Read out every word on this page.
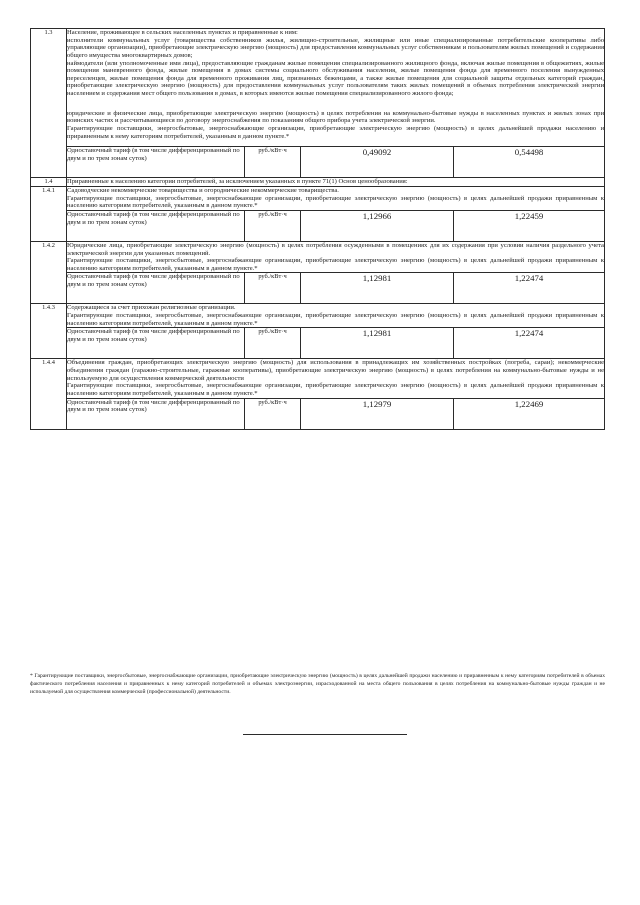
1.3	Население, проживающее в сельских населенных пунктах и приравненные к ним:

исполнители коммунальных услуг (товарищества собственников жилья, жилищно-строительные, жилищные или иные специализированные потребительские кооперативы либо управляющие организации), приобретающие электрическую энергию (мощность) для предоставления коммунальных услуг собственникам и пользователям жилых помещений и содержания общего имущества многоквартирных домов;

наймодатели (или уполномоченные ими лица), предоставляющие гражданам жилые помещения специализированного жилищного фонда, включая жилые помещения в общежитиях, жилые помещения маневренного фонда, жилые помещения в домах системы социального обслуживания населения, жилые помещения фонда для временного поселения вынужденных переселенцев, жилые помещения фонда для временного проживания лиц, признанных беженцами, а также жилые помещения для социальной защиты отдельных категорий граждан, приобретающие электрическую энергию (мощность) для предоставления коммунальных услуг пользователям таких жилых помещений в объемах потребления электрической энергии населением и содержания мест общего пользования в домах, в которых имеются жилые помещения специализированного жилого фонда;

юридические и физические лица, приобретающие электрическую энергию (мощность) в целях потребления на коммунально-бытовые нужды в населенных пунктах и жилых зонах при воинских частях и рассчитывающиеся по договору энергоснабжения по показаниям общего прибора учета электрической энергии.

Гарантирующие поставщики, энергосбытовые, энергоснабжающие организации, приобретающие электрическую энергию (мощность) в целях дальнейшей продажи населению и приравненным к нему категориям потребителей, указанным в данном пункте.*			

	Одноставочный тариф (в том числе дифференцированный по двум и по трем зонам суток)	руб./кВт·ч	0,49092	0,54498
1.4	Приравненные к населению категории потребителей, за исключением указанных в пункте 71(1) Основ ценообразования:			
1.4.1	Садоводческие некоммерческие товарищества и огороднические некоммерческие товарищества.

Гарантирующие поставщики, энергосбытовые, энергоснабжающие организации, приобретающие электрическую энергию (мощность) в целях дальнейшей продажи приравненным к населению категориям потребителей, указанным в данном пункте.*			

	Одноставочный тариф (в том числе дифференцированный по двум и по трем зонам суток)	руб./кВт·ч	1,12966	1,22459
1.4.2	Юридические лица, приобретающие электрическую энергию (мощность) в целях потребления осужденными в помещениях для их содержания при условии наличия раздельного учета электрической энергии для указанных помещений.

Гарантирующие поставщики, энергосбытовые, энергоснабжающие организации, приобретающие электрическую энергию (мощность) в целях дальнейшей продажи приравненным к населению категориям потребителей, указанным в данном пункте.*			

	Одноставочный тариф (в том числе дифференцированный по двум и по трем зонам суток)	руб./кВт·ч	1,12981	1,22474
1.4.3	Содержащиеся за счет прихожан религиозные организации.

Гарантирующие поставщики, энергосбытовые, энергоснабжающие организации, приобретающие электрическую энергию (мощность) в целях дальнейшей продажи приравненным к населению категориям потребителей, указанным в данном пункте.*			

	Одноставочный тариф (в том числе дифференцированный по двум и по трем зонам суток)	руб./кВт·ч	1,12981	1,22474
1.4.4	Объединения граждан, приобретающих электрическую энергию (мощность) для использования в принадлежащих им хозяйственных постройках (погреба, сараи); некоммерческие объединения граждан (гаражно-строительные, гаражные кооперативы), приобретающие электрическую энергию (мощность) в целях потребления на коммунально-бытовые нужды и не используемую для осуществления коммерческой деятельности

Гарантирующие поставщики, энергосбытовые, энергоснабжающие организации, приобретающие электрическую энергию (мощность) в целях дальнейшей продажи приравненным к населению категориям потребителей, указанным в данном пункте.*			

	Одноставочный тариф (в том числе дифференцированный по двум и по трем зонам суток)	руб./кВт·ч	1,12979	1,22469

* Гарантирующие поставщики, энергосбытовые, энергоснабжающие организации, приобретающие электрическую энергию (мощность) в целях дальнейшей продажи населению и приравненным к нему категориям потребителей в объемах фактического потребления населения и приравненных к нему категорий потребителей и объемах электроэнергии, израсходованной на места общего пользования в целях потребления на коммунально-бытовые нужды граждан и не используемой для осуществления коммерческой (профессиональной) деятельности.
